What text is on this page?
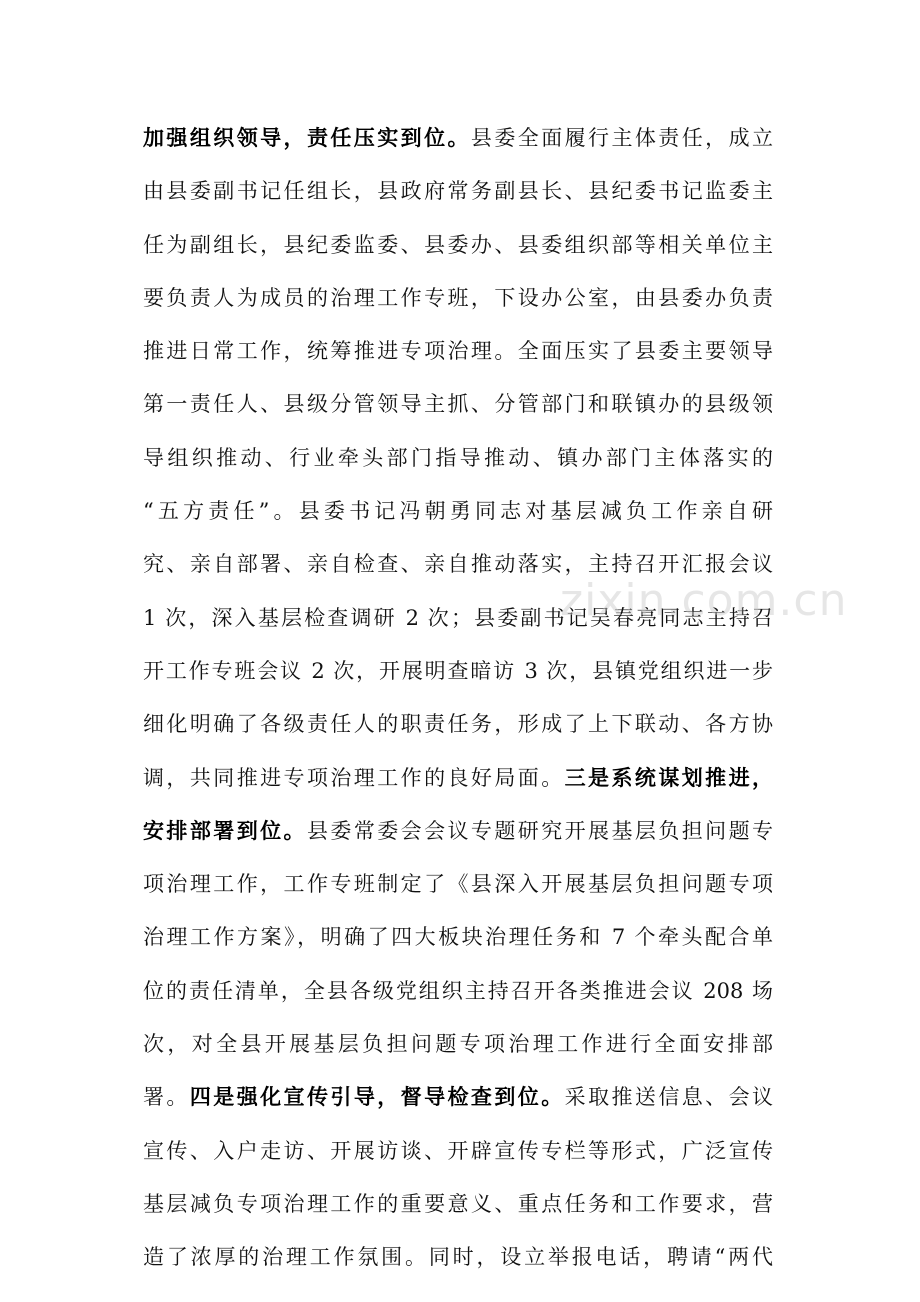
加强组织领导，责任压实到位。县委全面履行主体责任，成立
由县委副书记任组长，县政府常务副县长、县纪委书记监委主
任为副组长，县纪委监委、县委办、县委组织部等相关单位主
要负责人为成员的治理工作专班，下设办公室，由县委办负责
推进日常工作，统筹推进专项治理。全面压实了县委主要领导
第一责任人、县级分管领导主抓、分管部门和联镇办的县级领
导组织推动、行业牵头部门指导推动、镇办部门主体落实的
“五方责任”。县委书记冯朝勇同志对基层减负工作亲自研
究、亲自部署、亲自检查、亲自推动落实，主持召开汇报会议
1 次，深入基层检查调研 2 次；县委副书记吴春亮同志主持召
开工作专班会议 2 次，开展明查暗访 3 次，县镇党组织进一步
细化明确了各级责任人的职责任务，形成了上下联动、各方协
调，共同推进专项治理工作的良好局面。三是系统谋划推进，
安排部署到位。县委常委会会议专题研究开展基层负担问题专
项治理工作，工作专班制定了《县深入开展基层负担问题专项
治理工作方案》，明确了四大板块治理任务和 7 个牵头配合单
位的责任清单，全县各级党组织主持召开各类推进会议 208 场
次，对全县开展基层负担问题专项治理工作进行全面安排部
署。四是强化宣传引导，督导检查到位。采取推送信息、会议
宣传、入户走访、开展访谈、开辟宣传专栏等形式，广泛宣传
基层减负专项治理工作的重要意义、重点任务和工作要求，营
造了浓厚的治理工作氛围。同时，设立举报电话，聘请“两代
zixin.com.cn
